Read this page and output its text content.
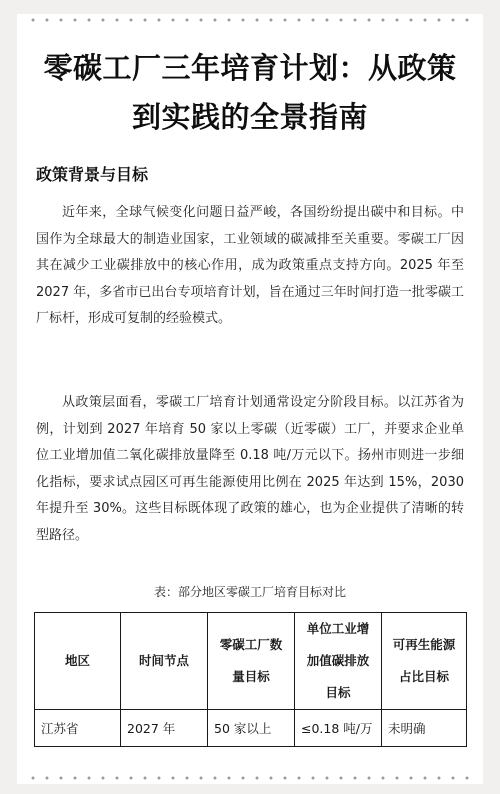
零碳工厂三年培育计划：从政策到实践的全景指南
政策背景与目标

近年来，全球气候变化问题日益严峻，各国纷纷提出碳中和目标。中国作为全球最大的制造业国家，工业领域的碳减排至关重要。零碳工厂因其在减少工业碳排放中的核心作用，成为政策重点支持方向。2025 年至 2027 年，多省市已出台专项培育计划，旨在通过三年时间打造一批零碳工厂标杆，形成可复制的经验模式。

从政策层面看，零碳工厂培育计划通常设定分阶段目标。以江苏省为例，计划到 2027 年培育 50 家以上零碳（近零碳）工厂，并要求企业单位工业增加值二氧化碳排放量降至 0.18 吨/万元以下。扬州市则进一步细化指标，要求试点园区可再生能源使用比例在 2025 年达到 15%，2030 年提升至 30%。这些目标既体现了政策的雄心，也为企业提供了清晰的转型路径。

表：部分地区零碳工厂培育目标对比
地区	时间节点	零碳工厂数量目标	单位工业增加值碳排放目标	可再生能源占比目标
江苏省	2027 年	50 家以上	≤0.18 吨/万	未明确
